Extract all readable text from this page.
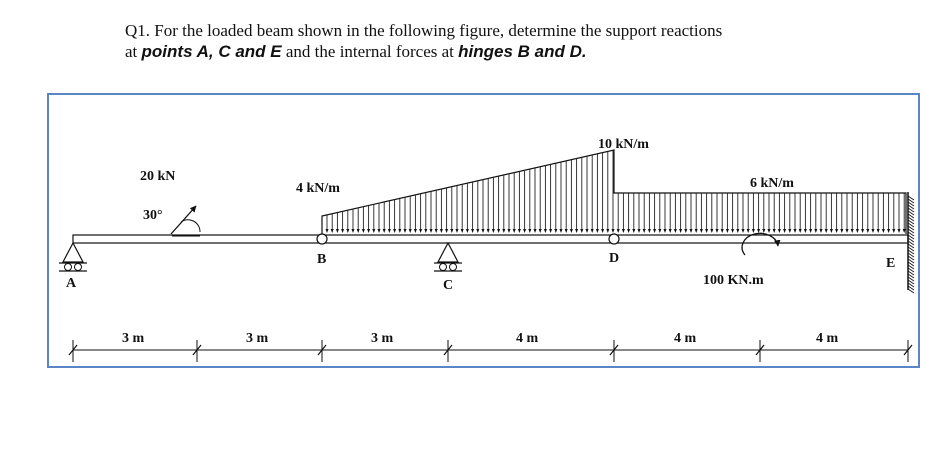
Q1. For the loaded beam shown in the following figure, determine the support reactions
at points A, C and E and the internal forces at hinges B and D.
20 kN
30°
4 kN/m
10 kN/m
6 kN/m
100 KN.m
A
B
C
D	E
3 m	3 m	3 m	4 m	4 m	4 m
